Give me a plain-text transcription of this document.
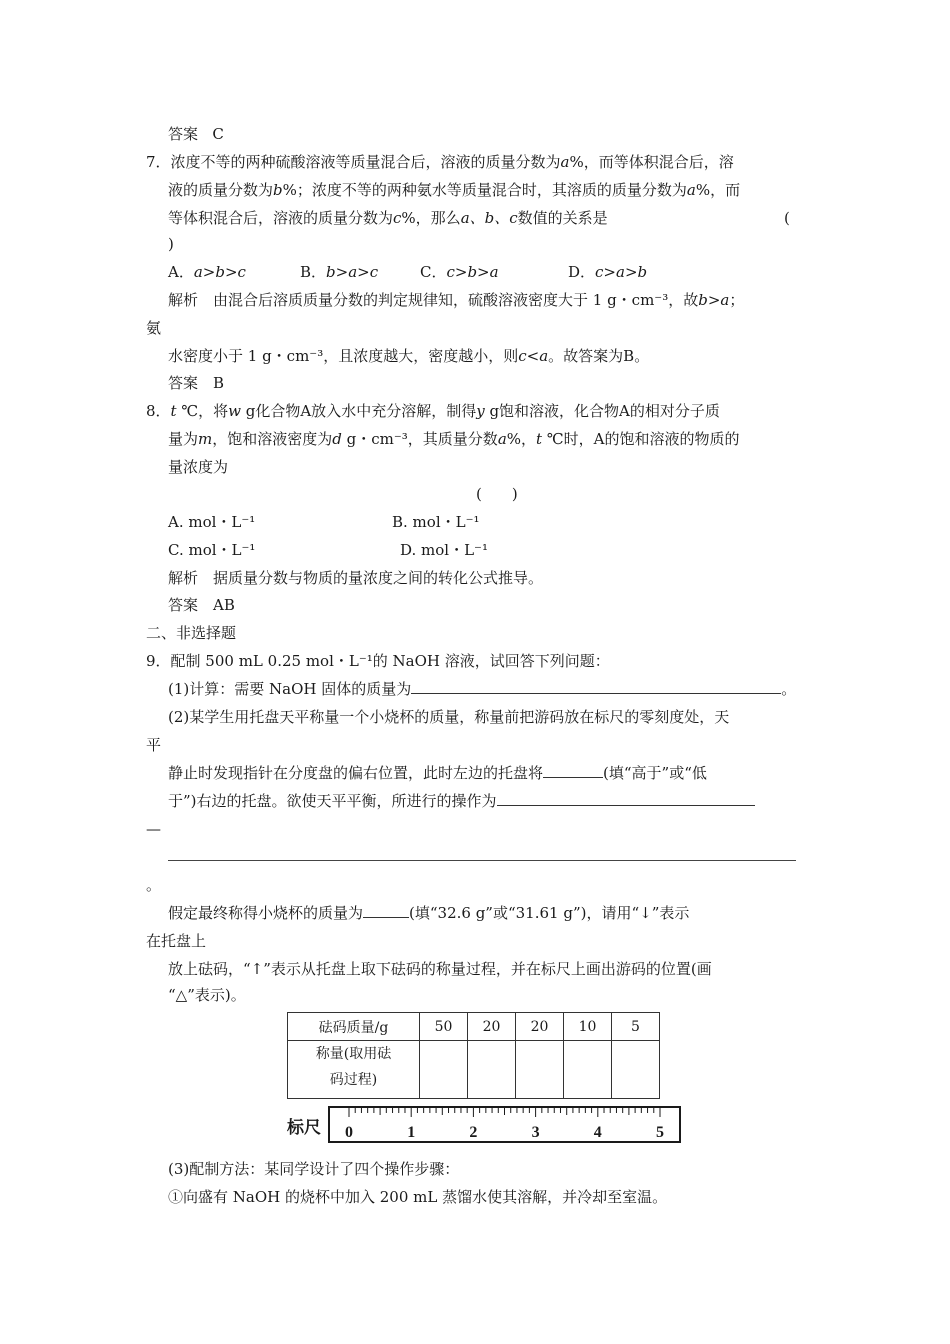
答案 C
7．浓度不等的两种硫酸溶液等质量混合后，溶液的质量分数为a%，而等体积混合后，溶
液的质量分数为b%；浓度不等的两种氨水等质量混合时，其溶质的质量分数为a%，而
等体积混合后，溶液的质量分数为c%，那么a、b、c数值的关系是	(
)
A．a>b>c	B．b>a>c	C．c>b>a	D．c>a>b
解析　由混合后溶质质量分数的判定规律知，硫酸溶液密度大于 1 g・cm⁻³，故b>a；
氨
水密度小于 1 g・cm⁻³，且浓度越大，密度越小，则c<a。故答案为B。
答案　B
8．t ℃，将w g化合物A放入水中充分溶解，制得y g饱和溶液，化合物A的相对分子质
量为m，饱和溶液密度为d g・cm⁻³，其质量分数a%，t ℃时，A的饱和溶液的物质的
量浓度为
(　　)
A. mol・L⁻¹	B. mol・L⁻¹
C. mol・L⁻¹	D. mol・L⁻¹
解析　据质量分数与物质的量浓度之间的转化公式推导。
答案　AB
二、非选择题
9．配制 500 mL 0.25 mol・L⁻¹的 NaOH 溶液，试回答下列问题：
(1)计算：需要 NaOH 固体的质量为	。
(2)某学生用托盘天平称量一个小烧杯的质量，称量前把游码放在标尺的零刻度处，天
平
静止时发现指针在分度盘的偏右位置，此时左边的托盘将	(填“高于”或“低
于”)右边的托盘。欲使天平平衡，所进行的操作为
—
。
假定最终称得小烧杯的质量为	(填“32.6 g”或“31.61 g”)，请用“↓”表示
在托盘上
放上砝码，“↑”表示从托盘上取下砝码的称量过程，并在标尺上画出游码的位置(画
“△”表示)。
砝码质量/g	50	20	20	10	5

称量(取用砝
码过程)					

标尺 0	1	2	3	4	5
(3)配制方法：某同学设计了四个操作步骤：
①向盛有 NaOH 的烧杯中加入 200 mL 蒸馏水使其溶解，并冷却至室温。
